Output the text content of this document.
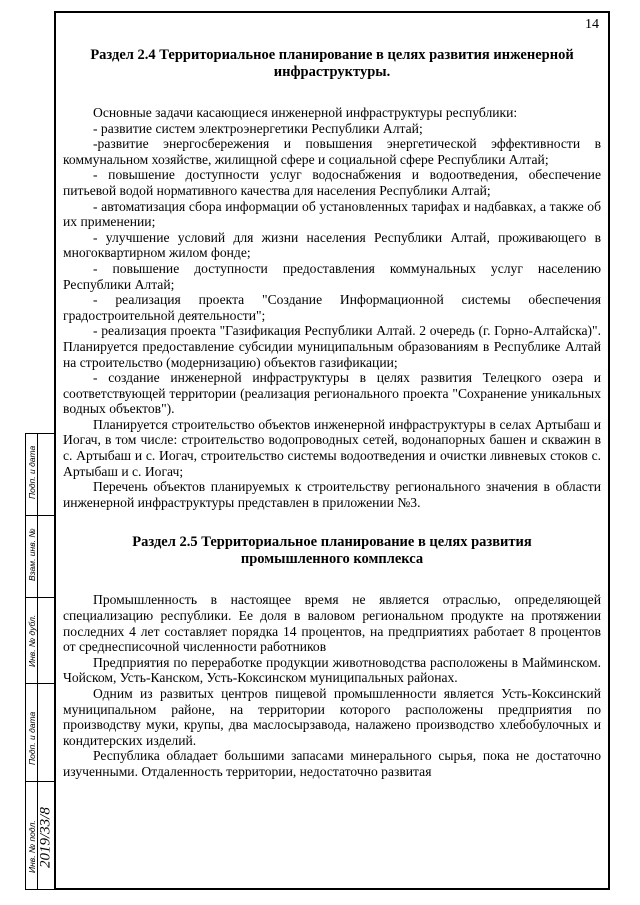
14
Раздел 2.4 Территориальное планирование в целях развития инженерной инфраструктуры.

Основные задачи касающиеся инженерной инфраструктуры республики:

- развитие систем электроэнергетики Республики Алтай;

-развитие энергосбережения и повышения энергетической эффективности в коммунальном хозяйстве, жилищной сфере и социальной сфере Республики Алтай;

- повышение доступности услуг водоснабжения и водоотведения, обеспечение питьевой водой нормативного качества для населения Республики Алтай;

- автоматизация сбора информации об установленных тарифах и надбавках, а также об их применении;

- улучшение условий для жизни населения Республики Алтай, проживающего в многоквартирном жилом фонде;

- повышение доступности предоставления коммунальных услуг населению Республики Алтай;

- реализация проекта "Создание Информационной системы обеспечения градостроительной деятельности";

- реализация проекта "Газификация Республики Алтай. 2 очередь (г. Горно-Алтайска)". Планируется предоставление субсидии муниципальным образованиям в Республике Алтай на строительство (модернизацию) объектов газификации;

- создание инженерной инфраструктуры в целях развития Телецкого озера и соответствующей территории (реализация регионального проекта "Сохранение уникальных водных объектов").

Планируется строительство объектов инженерной инфраструктуры в селах Артыбаш и Иогач, в том числе: строительство водопроводных сетей, водонапорных башен и скважин в с. Артыбаш и с. Иогач, строительство системы водоотведения и очистки ливневых стоков с. Артыбаш и с. Иогач;

Перечень объектов планируемых к строительству регионального значения в области инженерной инфраструктуры представлен в приложении №3.

Раздел 2.5 Территориальное планирование в целях развития промышленного комплекса

Промышленность в настоящее время не является отраслью, определяющей специализацию республики. Ее доля в валовом региональном продукте на протяжении последних 4 лет составляет порядка 14 процентов, на предприятиях работает 8 процентов от среднесписочной численности работников

Предприятия по переработке продукции животноводства расположены в Майминском. Чойском, Усть-Канском, Усть-Коксинском муниципальных районах.

Одним из развитых центров пищевой промышленности является Усть-Коксинский муниципальном районе, на территории которого расположены предприятия по производству муки, крупы, два маслосырзавода, налажено производство хлебобулочных и кондитерских изделий.

Республика обладает большими запасами минерального сырья, пока не достаточно изученными. Отдаленность территории, недостаточно развитая

Подп. и дата
Взам. инв. №
Инв. № дубл.
Подп. и дата
Инв. № подл. 2019/33/8
